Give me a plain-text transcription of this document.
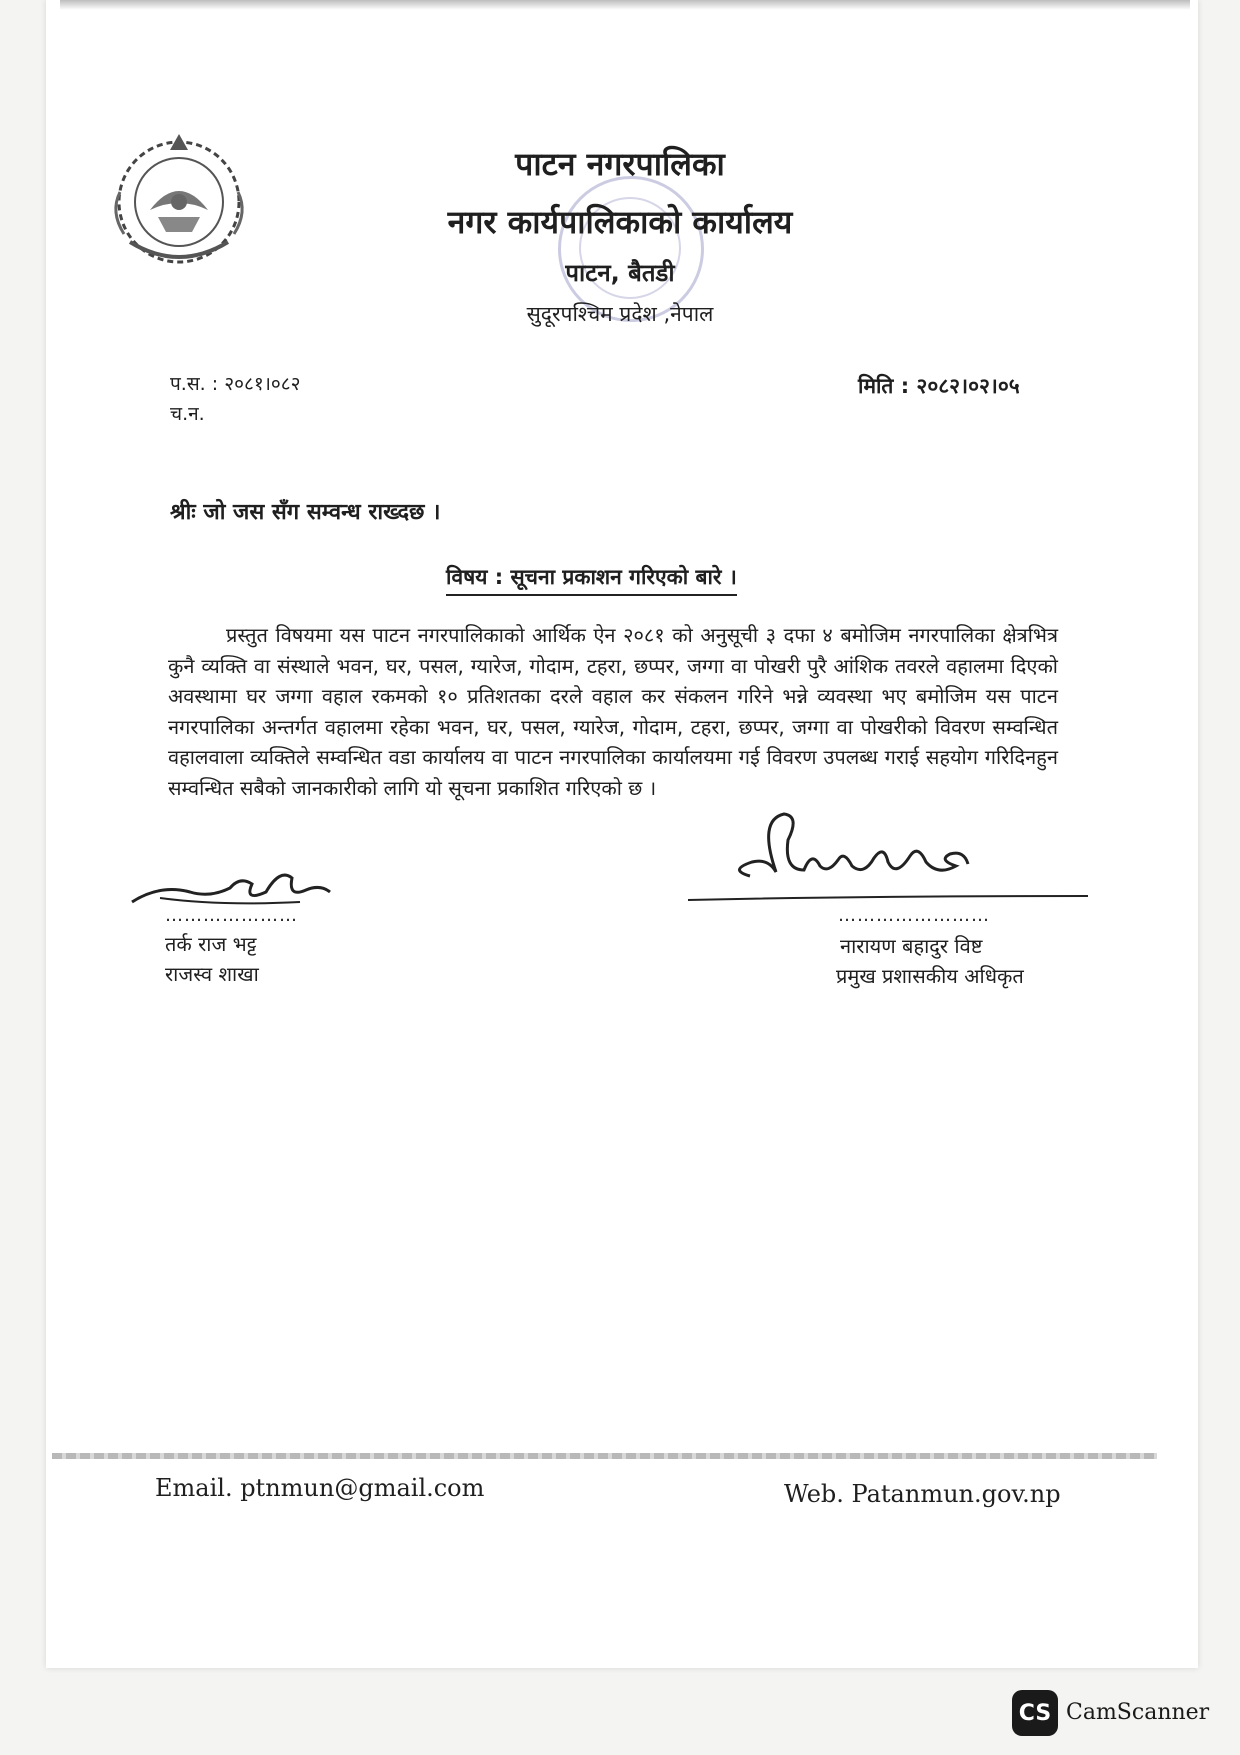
पाटन नगरपालिका
नगर कार्यपालिकाको कार्यालय
पाटन, बैतडी
सुदूरपश्चिम प्रदेश ,नेपाल
प.स. : २०८१।०८२
च.न.
मिति : २०८२।०२।०५
श्रीः जो जस सँग सम्वन्ध राख्दछ ।
विषय : सूचना प्रकाशन गरिएको बारे ।
प्रस्तुत विषयमा यस पाटन नगरपालिकाको आर्थिक ऐन २०८१ को अनुसूची ३ दफा ४ बमोजिम नगरपालिका क्षेत्रभित्र कुनै व्यक्ति वा संस्थाले भवन, घर, पसल, ग्यारेज, गोदाम, टहरा, छप्पर, जग्गा वा पोखरी पुरै आंशिक तवरले वहालमा दिएको अवस्थामा घर जग्गा वहाल रकमको १० प्रतिशतका दरले वहाल कर संकलन गरिने भन्ने व्यवस्था भए बमोजिम यस पाटन नगरपालिका अन्तर्गत वहालमा रहेका भवन, घर, पसल, ग्यारेज, गोदाम, टहरा, छप्पर, जग्गा वा पोखरीको विवरण सम्वन्धित वहालवाला व्यक्तिले सम्वन्धित वडा कार्यालय वा पाटन नगरपालिका कार्यालयमा गई विवरण उपलब्ध गराई सहयोग गरिदिनहुन सम्वन्धित सबैको जानकारीको लागि यो सूचना प्रकाशित गरिएको छ ।
…………………
तर्क राज भट्ट
राजस्व शाखा
……………………
नारायण बहादुर विष्ट
प्रमुख प्रशासकीय अधिकृत
Email. ptnmun@gmail.com	Web. Patanmun.gov.np
CS CamScanner
